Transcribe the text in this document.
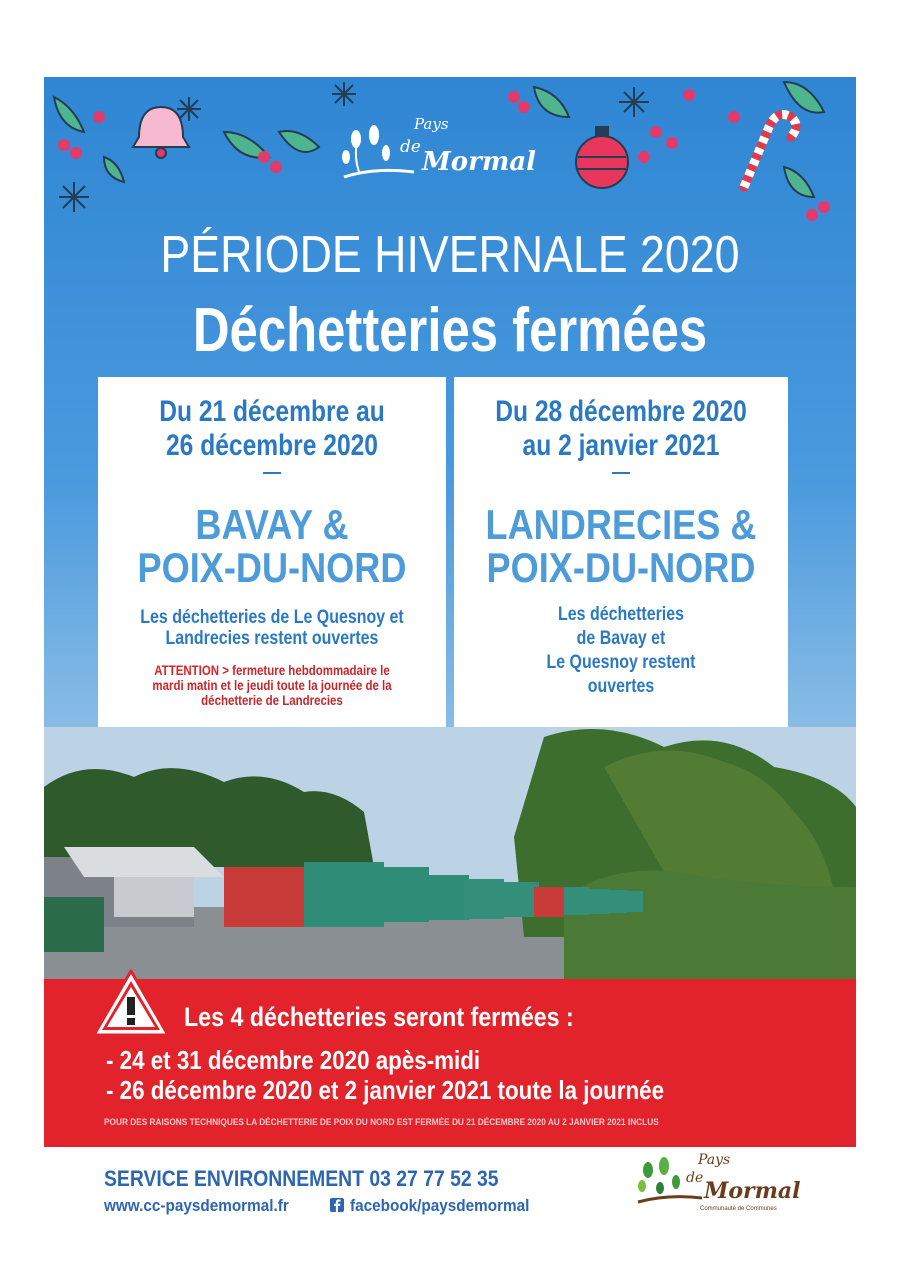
Pays
de Mormal
PÉRIODE HIVERNALE 2020
Déchetteries fermées
Du 21 décembre au
26 décembre 2020
BAVAY &
POIX-DU-NORD
Les déchetteries de Le Quesnoy et
Landrecies restent ouvertes
ATTENTION > fermeture hebdommadaire le
mardi matin et le jeudi toute la journée de la
déchetterie de Landrecies
Du 28 décembre 2020
au 2 janvier 2021
LANDRECIES &
POIX-DU-NORD
Les déchetteries
de Bavay et
Le Quesnoy restent
ouvertes
Les 4 déchetteries seront fermées :
- 24 et 31 décembre 2020 apès-midi
- 26 décembre 2020 et 2 janvier 2021 toute la journée
POUR DES RAISONS TECHNIQUES LA DÉCHETTERIE DE POIX DU NORD EST FERMÉE DU 21 DÉCEMBRE 2020 AU 2 JANVIER 2021 INCLUS
SERVICE ENVIRONNEMENT 03 27 77 52 35
www.cc-paysdemormal.fr	facebook/paysdemormal
Pays
de Mormal
Communauté de Communes
